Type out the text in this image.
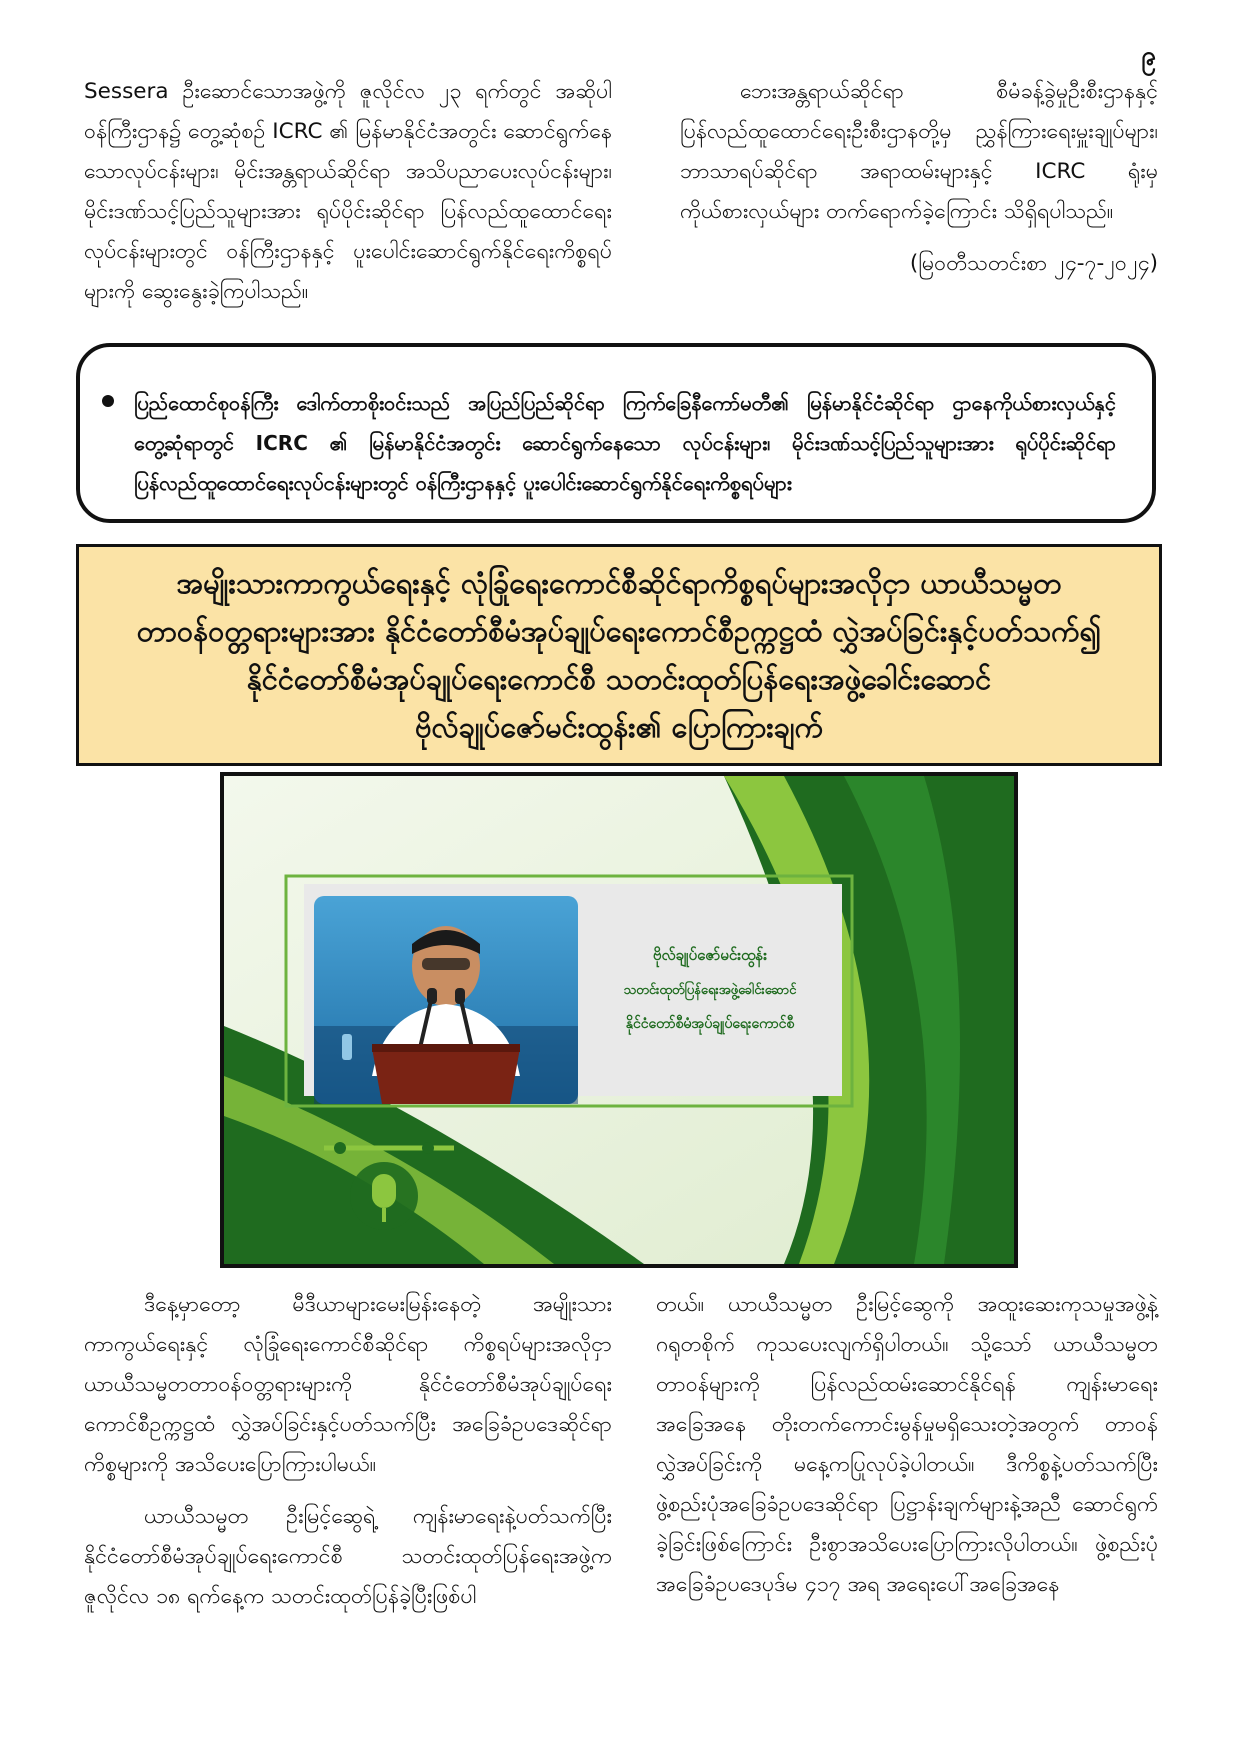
၉

Sessera ဦးဆောင်သောအဖွဲ့ကို ဇူလိုင်လ ၂၃ ရက်တွင် အဆိုပါ ဝန်ကြီးဌာန၌ တွေ့ဆုံစဉ် ICRC ၏ မြန်မာနိုင်ငံအတွင်း ဆောင်ရွက်နေသောလုပ်ငန်းများ၊ မိုင်းအန္တရာယ်ဆိုင်ရာ အသိပညာပေးလုပ်ငန်းများ၊ မိုင်းဒဏ်သင့်ပြည်သူများအား ရုပ်ပိုင်းဆိုင်ရာ ပြန်လည်ထူထောင်ရေးလုပ်ငန်းများတွင် ဝန်ကြီးဌာနနှင့် ပူးပေါင်းဆောင်ရွက်နိုင်ရေးကိစ္စရပ်များကို ဆွေးနွေးခဲ့ကြပါသည်။

ဘေးအန္တရာယ်ဆိုင်ရာ စီမံခန့်ခွဲမှုဦးစီးဌာနနှင့် ပြန်လည်ထူထောင်ရေးဦးစီးဌာနတို့မှ ညွှန်ကြားရေးမှူးချုပ်များ၊ ဘာသာရပ်ဆိုင်ရာ အရာထမ်းများနှင့် ICRC ရုံးမှ ကိုယ်စားလှယ်များ တက်ရောက်ခဲ့ကြောင်း သိရှိရပါသည်။

(မြဝတီသတင်းစာ ၂၄-၇-၂၀၂၄)

ပြည်ထောင်စုဝန်ကြီး ဒေါက်တာစိုးဝင်းသည် အပြည်ပြည်ဆိုင်ရာ ကြက်ခြေနီကော်မတီ၏ မြန်မာနိုင်ငံဆိုင်ရာ ဌာနေကိုယ်စားလှယ်နှင့် တွေ့ဆုံရာတွင် ICRC ၏ မြန်မာနိုင်ငံအတွင်း ဆောင်ရွက်နေသော လုပ်ငန်းများ၊ မိုင်းဒဏ်သင့်ပြည်သူများအား ရုပ်ပိုင်းဆိုင်ရာ ပြန်လည်ထူထောင်ရေးလုပ်ငန်းများတွင် ဝန်ကြီးဌာနနှင့် ပူးပေါင်းဆောင်ရွက်နိုင်ရေးကိစ္စရပ်များ

အမျိုးသားကာကွယ်ရေးနှင့် လုံခြုံရေးကောင်စီဆိုင်ရာကိစ္စရပ်များအလိုငှာ ယာယီသမ္မတ
တာဝန်ဝတ္တရားများအား နိုင်ငံတော်စီမံအုပ်ချုပ်ရေးကောင်စီဥက္ကဋ္ဌထံ လွှဲအပ်ခြင်းနှင့်ပတ်သက်၍
နိုင်ငံတော်စီမံအုပ်ချုပ်ရေးကောင်စီ သတင်းထုတ်ပြန်ရေးအဖွဲ့ခေါင်းဆောင်
ဗိုလ်ချုပ်ဇော်မင်းထွန်း၏ ပြောကြားချက်
ဗိုလ်ချုပ်ဇော်မင်းထွန်း
သတင်းထုတ်ပြန်ရေးအဖွဲ့ခေါင်းဆောင်
နိုင်ငံတော်စီမံအုပ်ချုပ်ရေးကောင်စီ

ဒီနေ့မှာတော့ မီဒီယာများမေးမြန်းနေတဲ့ အမျိုးသားကာကွယ်ရေးနှင့် လုံခြုံရေးကောင်စီဆိုင်ရာ ကိစ္စရပ်များအလိုငှာ ယာယီသမ္မတတာဝန်ဝတ္တရားများကို နိုင်ငံတော်စီမံအုပ်ချုပ်ရေးကောင်စီဥက္ကဋ္ဌထံ လွှဲအပ်ခြင်းနှင့်ပတ်သက်ပြီး အခြေခံဥပဒေဆိုင်ရာကိစ္စများကို အသိပေးပြောကြားပါမယ်။

ယာယီသမ္မတ ဦးမြင့်ဆွေရဲ့ ကျန်းမာရေးနဲ့ပတ်သက်ပြီး နိုင်ငံတော်စီမံအုပ်ချုပ်ရေးကောင်စီ သတင်းထုတ်ပြန်ရေးအဖွဲ့က ဇူလိုင်လ ၁၈ ရက်နေ့က သတင်းထုတ်ပြန်ခဲ့ပြီးဖြစ်ပါ

တယ်။ ယာယီသမ္မတ ဦးမြင့်ဆွေကို အထူးဆေးကုသမှုအဖွဲ့နဲ့ ဂရုတစိုက် ကုသပေးလျက်ရှိပါတယ်။ သို့သော် ယာယီသမ္မတ တာဝန်များကို ပြန်လည်ထမ်းဆောင်နိုင်ရန် ကျန်းမာရေး အခြေအနေ တိုးတက်ကောင်းမွန်မှုမရှိသေးတဲ့အတွက် တာဝန်လွှဲအပ်ခြင်းကို မနေ့ကပြုလုပ်ခဲ့ပါတယ်။ ဒီကိစ္စနဲ့ပတ်သက်ပြီး ဖွဲ့စည်းပုံအခြေခံဥပဒေဆိုင်ရာ ပြဋ္ဌာန်းချက်များနဲ့အညီ ဆောင်ရွက်ခဲ့ခြင်းဖြစ်ကြောင်း ဦးစွာအသိပေးပြောကြားလိုပါတယ်။ ဖွဲ့စည်းပုံအခြေခံဥပဒေပုဒ်မ ၄၁၇ အရ အရေးပေါ်အခြေအနေ
